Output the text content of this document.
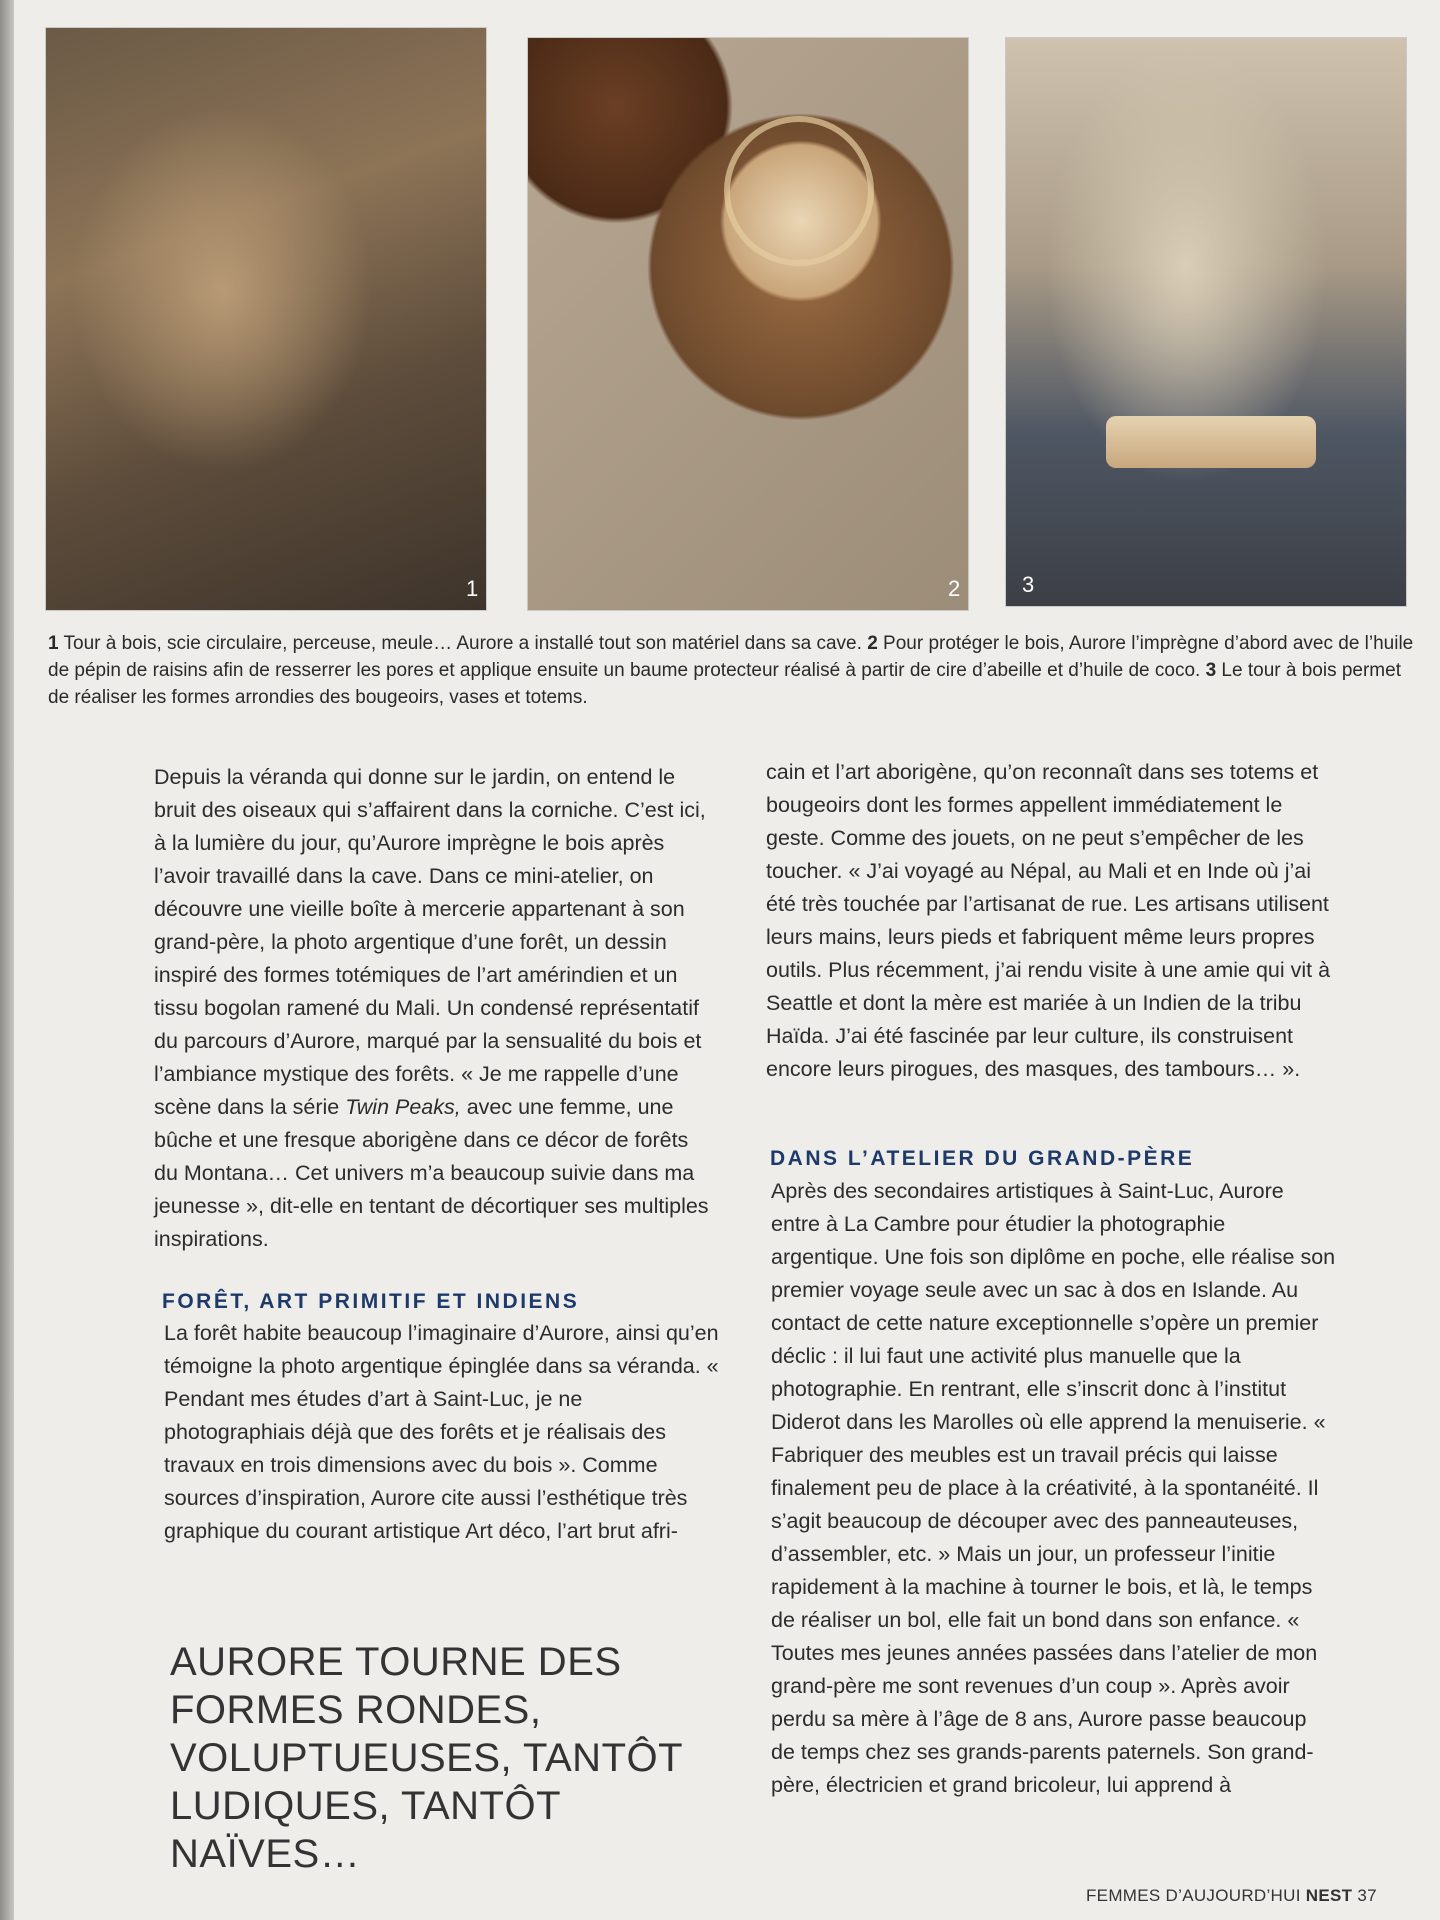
1	2	3
1 Tour à bois, scie circulaire, perceuse, meule… Aurore a installé tout son matériel dans sa cave. 2 Pour protéger le bois, Aurore l’imprègne d’abord avec de l’huile de pépin de raisins afin de resserrer les pores et applique ensuite un baume protecteur réalisé à partir de cire d’abeille et d’huile de coco. 3 Le tour à bois permet de réaliser les formes arrondies des bougeoirs, vases et totems.

Depuis la véranda qui donne sur le jardin, on entend le bruit des oiseaux qui s’affairent dans la corniche. C’est ici, à la lumière du jour, qu’Aurore imprègne le bois après l’avoir travaillé dans la cave. Dans ce mini-atelier, on découvre une vieille boîte à mercerie appartenant à son grand-père, la photo argentique d’une forêt, un dessin inspiré des formes totémiques de l’art amérindien et un tissu bogolan ramené du Mali. Un condensé représentatif du parcours d’Aurore, marqué par la sensualité du bois et l’ambiance mystique des forêts. « Je me rappelle d’une scène dans la série Twin Peaks, avec une femme, une bûche et une fresque aborigène dans ce décor de forêts du Montana… Cet univers m’a beaucoup suivie dans ma jeunesse », dit-elle en tentant de décortiquer ses multiples inspirations.

FORÊT, ART PRIMITIF ET INDIENS

La forêt habite beaucoup l’imaginaire d’Aurore, ainsi qu’en témoigne la photo argentique épinglée dans sa véranda. « Pendant mes études d’art à Saint-Luc, je ne photographiais déjà que des forêts et je réalisais des travaux en trois dimensions avec du bois ». Comme sources d’inspiration, Aurore cite aussi l’esthétique très graphique du courant artistique Art déco, l’art brut afri-

cain et l’art aborigène, qu’on reconnaît dans ses totems et bougeoirs dont les formes appellent immédiatement le geste. Comme des jouets, on ne peut s’empêcher de les toucher. « J’ai voyagé au Népal, au Mali et en Inde où j’ai été très touchée par l’artisanat de rue. Les artisans utilisent leurs mains, leurs pieds et fabriquent même leurs propres outils. Plus récemment, j’ai rendu visite à une amie qui vit à Seattle et dont la mère est mariée à un Indien de la tribu Haïda. J’ai été fascinée par leur culture, ils construisent encore leurs pirogues, des masques, des tambours… ».

DANS L’ATELIER DU GRAND-PÈRE

Après des secondaires artistiques à Saint-Luc, Aurore entre à La Cambre pour étudier la photographie argentique. Une fois son diplôme en poche, elle réalise son premier voyage seule avec un sac à dos en Islande. Au contact de cette nature exceptionnelle s’opère un premier déclic : il lui faut une activité plus manuelle que la photographie. En rentrant, elle s’inscrit donc à l’institut Diderot dans les Marolles où elle apprend la menuiserie. « Fabriquer des meubles est un travail précis qui laisse finalement peu de place à la créativité, à la spontanéité. Il s’agit beaucoup de découper avec des panneauteuses, d’assembler, etc. » Mais un jour, un professeur l’initie rapidement à la machine à tourner le bois, et là, le temps de réaliser un bol, elle fait un bond dans son enfance. « Toutes mes jeunes années passées dans l’atelier de mon grand-père me sont revenues d’un coup ». Après avoir perdu sa mère à l’âge de 8 ans, Aurore passe beaucoup de temps chez ses grands-parents paternels. Son grand-père, électricien et grand bricoleur, lui apprend à

AURORE TOURNE DES FORMES RONDES, VOLUPTUEUSES, TANTÔT LUDIQUES, TANTÔT NAÏVES…
FEMMES D’AUJOURD’HUI NEST 37
